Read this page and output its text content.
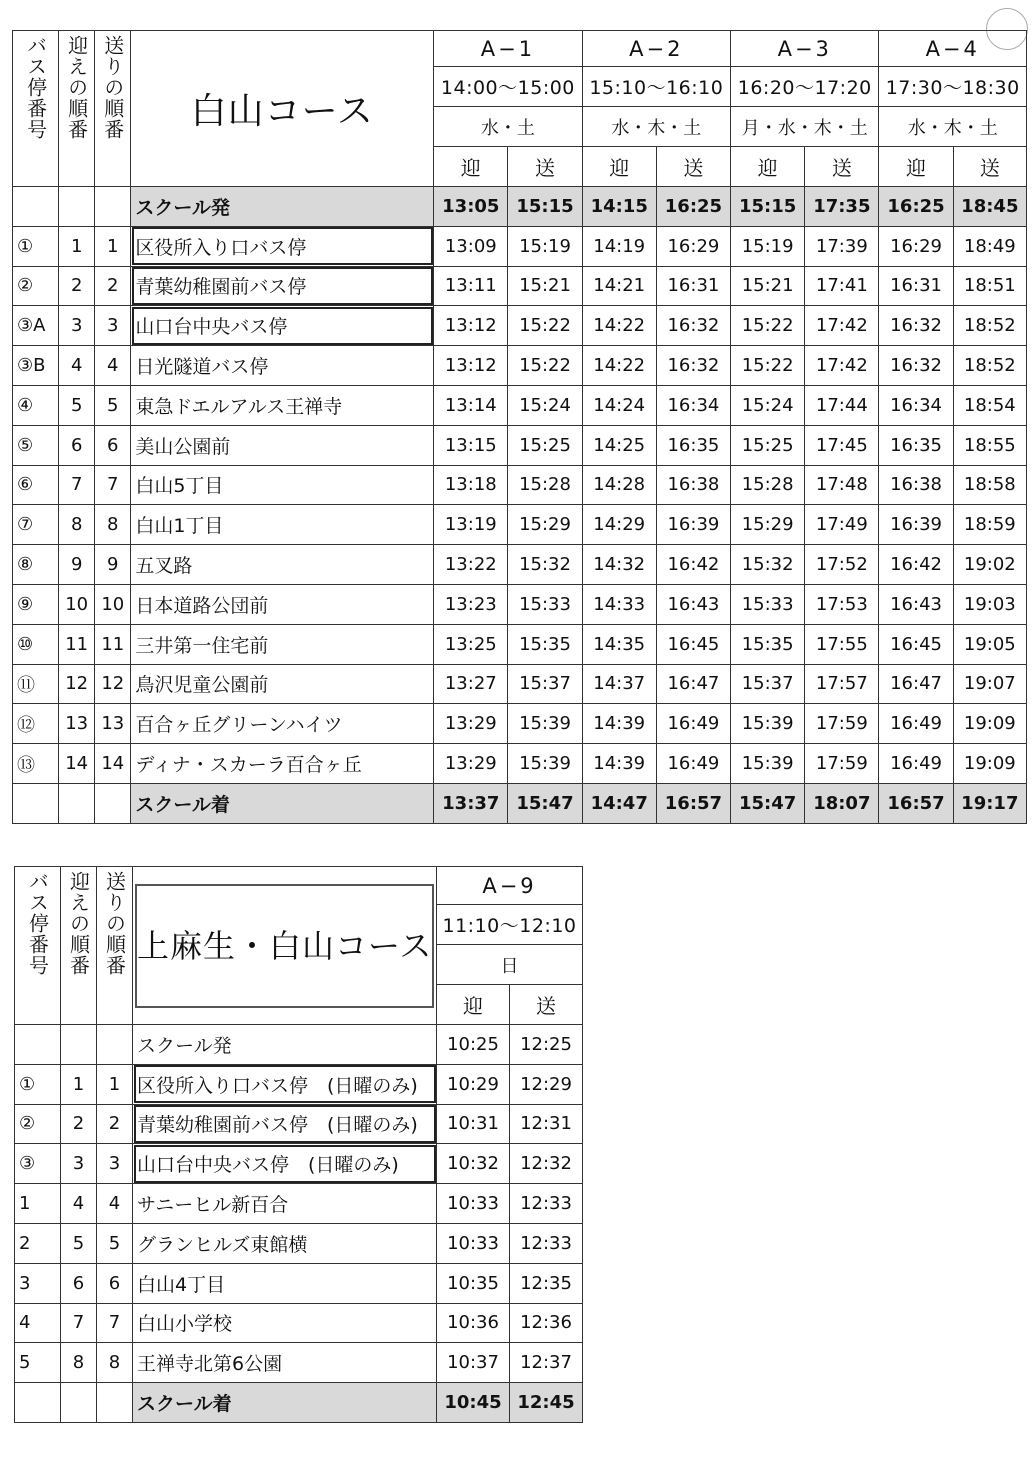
バス停番号	迎えの順番	送りの順番	白山コース	A−1		A−2		A−3		A−4	
				14:00〜15:00		15:10〜16:10		16:20〜17:20		17:30〜18:30	
				水・土		水・木・土		月・水・木・土		水・木・土	
				迎	送	迎	送	迎	送	迎	送
			スクール発	13:05	15:15	14:15	16:25	15:15	17:35	16:25	18:45
①	1	1	区役所入り口バス停	13:09	15:19	14:19	16:29	15:19	17:39	16:29	18:49
②	2	2	青葉幼稚園前バス停	13:11	15:21	14:21	16:31	15:21	17:41	16:31	18:51
③A	3	3	山口台中央バス停	13:12	15:22	14:22	16:32	15:22	17:42	16:32	18:52
③B	4	4	日光隧道バス停	13:12	15:22	14:22	16:32	15:22	17:42	16:32	18:52
④	5	5	東急ドエルアルス王禅寺	13:14	15:24	14:24	16:34	15:24	17:44	16:34	18:54
⑤	6	6	美山公園前	13:15	15:25	14:25	16:35	15:25	17:45	16:35	18:55
⑥	7	7	白山5丁目	13:18	15:28	14:28	16:38	15:28	17:48	16:38	18:58
⑦	8	8	白山1丁目	13:19	15:29	14:29	16:39	15:29	17:49	16:39	18:59
⑧	9	9	五叉路	13:22	15:32	14:32	16:42	15:32	17:52	16:42	19:02
⑨	10	10	日本道路公団前	13:23	15:33	14:33	16:43	15:33	17:53	16:43	19:03
⑩	11	11	三井第一住宅前	13:25	15:35	14:35	16:45	15:35	17:55	16:45	19:05
⑪	12	12	鳥沢児童公園前	13:27	15:37	14:37	16:47	15:37	17:57	16:47	19:07
⑫	13	13	百合ヶ丘グリーンハイツ	13:29	15:39	14:39	16:49	15:39	17:59	16:49	19:09
⑬	14	14	ディナ・スカーラ百合ヶ丘	13:29	15:39	14:39	16:49	15:39	17:59	16:49	19:09
			スクール着	13:37	15:47	14:47	16:57	15:47	18:07	16:57	19:17
バス停番号	迎えの順番	送りの順番	上麻生・白山コース	A−9	
				11:10〜12:10	
				日	
				迎	送
			スクール発	10:25	12:25
①	1	1	区役所入り口バス停　(日曜のみ)	10:29	12:29
②	2	2	青葉幼稚園前バス停　(日曜のみ)	10:31	12:31
③	3	3	山口台中央バス停　(日曜のみ)	10:32	12:32
1	4	4	サニーヒル新百合	10:33	12:33
2	5	5	グランヒルズ東館横	10:33	12:33
3	6	6	白山4丁目	10:35	12:35
4	7	7	白山小学校	10:36	12:36
5	8	8	王禅寺北第6公園	10:37	12:37
			スクール着	10:45	12:45
